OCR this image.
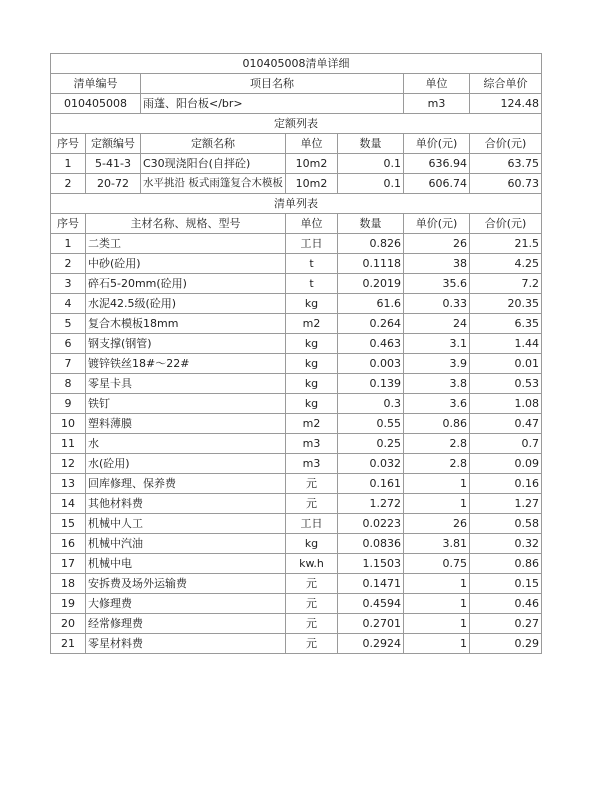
010405008清单详细						
清单编号		项目名称			单位	综合单价
010405008		雨蓬、阳台板</br>			m3	124.48
定额列表						
序号	定额编号	定额名称	单位	数量	单价(元)	合价(元)
1	5-41-3	C30现浇阳台(自拌砼)	10m2	0.1	636.94	63.75
2	20-72	水平挑沿 板式雨篷复合木模板	10m2	0.1	606.74	60.73
清单列表						
序号	主材名称、规格、型号		单位	数量	单价(元)	合价(元)
1	二类工		工日	0.826	26	21.5
2	中砂(砼用)		t	0.1118	38	4.25
3	碎石5-20mm(砼用)		t	0.2019	35.6	7.2
4	水泥42.5级(砼用)		kg	61.6	0.33	20.35
5	复合木模板18mm		m2	0.264	24	6.35
6	钢支撑(钢管)		kg	0.463	3.1	1.44
7	镀锌铁丝18#～22#		kg	0.003	3.9	0.01
8	零星卡具		kg	0.139	3.8	0.53
9	铁钉		kg	0.3	3.6	1.08
10	塑料薄膜		m2	0.55	0.86	0.47
11	水		m3	0.25	2.8	0.7
12	水(砼用)		m3	0.032	2.8	0.09
13	回库修理、保养费		元	0.161	1	0.16
14	其他材料费		元	1.272	1	1.27
15	机械中人工		工日	0.0223	26	0.58
16	机械中汽油		kg	0.0836	3.81	0.32
17	机械中电		kw.h	1.1503	0.75	0.86
18	安拆费及场外运输费		元	0.1471	1	0.15
19	大修理费		元	0.4594	1	0.46
20	经常修理费		元	0.2701	1	0.27
21	零星材料费		元	0.2924	1	0.29
